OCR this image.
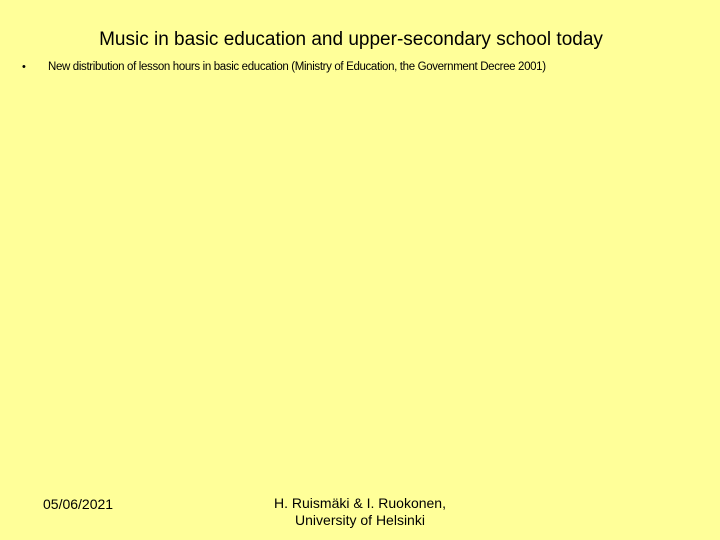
Music in basic education and upper-secondary school today
• New distribution of lesson hours in basic education (Ministry of Education, the Government Decree 2001)
05/06/2021	H. Ruismäki & I. Ruokonen,
University of Helsinki
